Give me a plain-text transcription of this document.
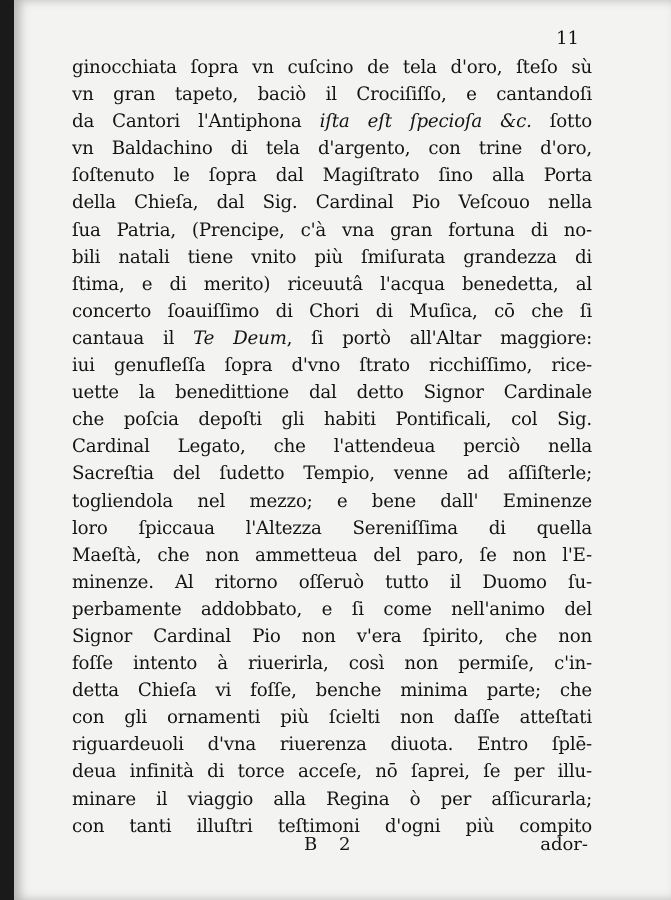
11
ginocchiata ſopra vn cuſcino de tela d'oro, ſteſo sù
vn gran tapeto, baciò il Crociſiſſo, e cantandoſi
da Cantori l'Antiphona iſta eſt ſpecioſa &c. ſotto
vn Baldachino di tela d'argento, con trine d'oro,
ſoſtenuto le ſopra dal Magiſtrato ſino alla Porta
della Chieſa, dal Sig. Cardinal Pio Veſcouo nella
ſua Patria, (Prencipe, c'à vna gran fortuna di no-
bili natali tiene vnito più ſmiſurata grandezza di
ſtima, e di merito) riceuutâ l'acqua benedetta, al
concerto ſoauiſſimo di Chori di Muſica, cō che ſi
cantaua il Te Deum, ſi portò all'Altar maggiore:
iui genufleſſa ſopra d'vno ſtrato ricchiſſimo, rice-
uette la benedittione dal detto Signor Cardinale
che poſcia depoſti gli habiti Pontificali, col Sig.
Cardinal Legato, che l'attendeua perciò nella
Sacreſtia del ſudetto Tempio, venne ad aſſiſterle;
togliendola nel mezzo; e bene dall' Eminenze
loro ſpiccaua l'Altezza Sereniſſima di quella
Maeſtà, che non ammetteua del paro, ſe non l'E-
minenze. Al ritorno oſſeruò tutto il Duomo ſu-
perbamente addobbato, e ſi come nell'animo del
Signor Cardinal Pio non v'era ſpirito, che non
foſſe intento à riuerirla, così non permiſe, c'in-
detta Chieſa vi foſſe, benche minima parte; che
con gli ornamenti più ſcielti non daſſe atteſtati
riguardeuoli d'vna riuerenza diuota. Entro ſplē-
deua infinità di torce acceſe, nō ſaprei, ſe per illu-
minare il viaggio alla Regina ò per aſſicurarla;
con tanti illuſtri teſtimoni d'ogni più compito
B 2	ador-
